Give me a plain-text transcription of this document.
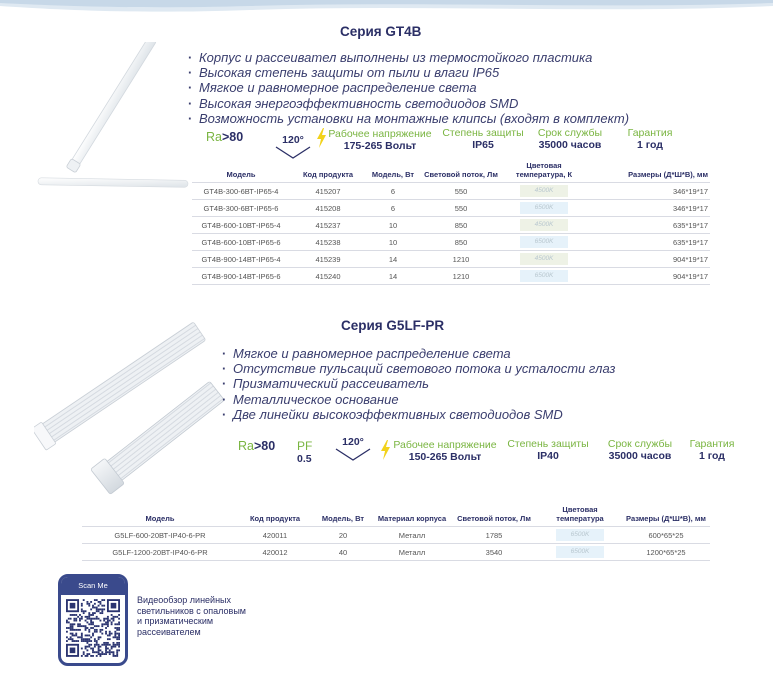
Серия GT4B
· Корпус и рассеивател выполнены из термостойкого пластика
· Высокая степень защиты от пыли и влаги IP65
· Мягкое и равномерное распределение света
· Высокая энергоэффективность светодиодов SMD
· Возможность установки на монтажные клипсы (входят в комплект)
Ra>80	120°	Рабочее напряжение
175-265 Вольт
Степень защиты
IP65
Срок службы
35000 часов
Гарантия
1 год
Модель	Код продукта	Модель, Вт	Световой поток, Лм	Цветовая температура, К	Размеры (Д*Ш*В), мм
GT4B-300-6ВТ-IP65-4	415207	6	550	4500K	346*19*17
GT4B-300-6ВТ-IP65-6	415208	6	550	6500K	346*19*17
GT4B-600-10ВТ-IP65-4	415237	10	850	4500K	635*19*17
GT4B-600-10ВТ-IP65-6	415238	10	850	6500K	635*19*17
GT4B-900-14ВТ-IP65-4	415239	14	1210	4500K	904*19*17
GT4B-900-14ВТ-IP65-6	415240	14	1210	6500K	904*19*17
Серия G5LF-PR
· Мягкое и равномерное распределение света
· Отсутствие пульсаций светового потока и усталости глаз
· Призматический рассеиватель
· Металлическое основание
· Две линейки высокоэффективных светодиодов SMD
Ra>80 PF
0.5
120°	Рабочее напряжение
150-265 Вольт
Степень защиты
IP40
Срок службы
35000 часов
Гарантия
1 год
Модель	Код продукта	Модель, Вт	Материал корпуса	Световой поток, Лм	Цветовая температура	Размеры (Д*Ш*В), мм
G5LF-600-20ВТ-IP40-6-PR	420011	20	Металл	1785	6500K	600*65*25
G5LF-1200-20ВТ-IP40-6-PR	420012	40	Металл	3540	6500K	1200*65*25
Scan Me
Видеообзор линейных светильников с опаловым и призматическим рассеивателем
